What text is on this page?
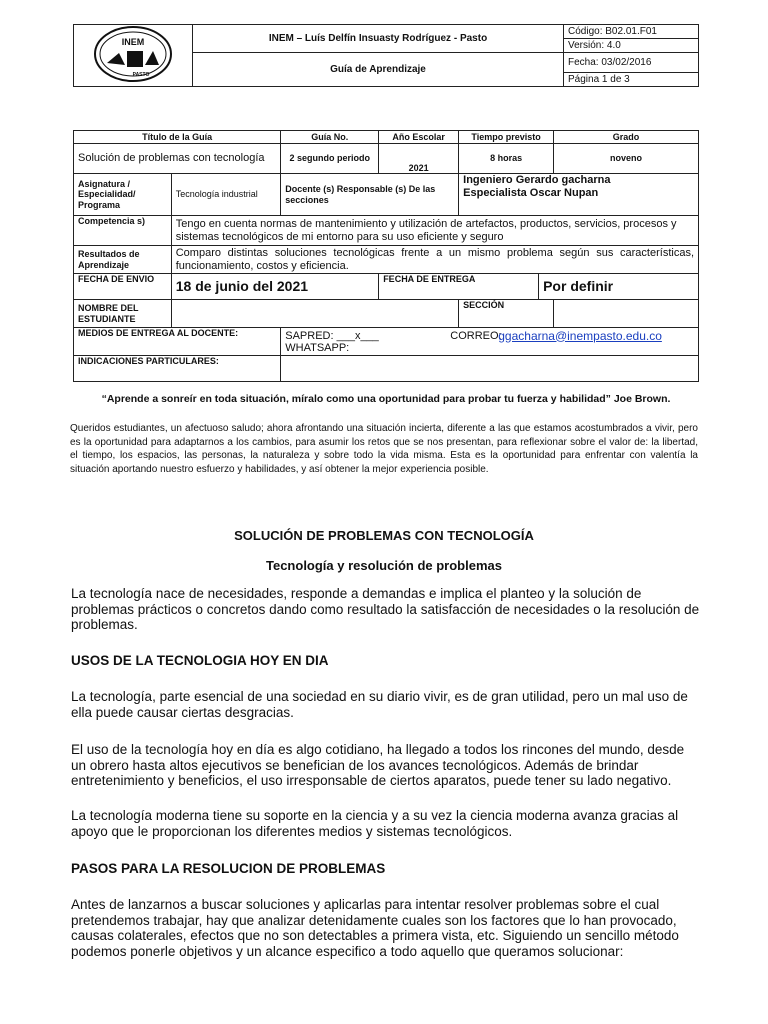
INEM
PASTO	INEM – Luís Delfín Insuasty Rodríguez - Pasto	Código: B02.01.F01
		Versión: 4.0
	Guía de Aprendizaje	Fecha: 03/02/2016
		Página 1 de 3
Título de la Guía		Guía No.	Año Escolar	Tiempo previsto		Grado
Solución de problemas con tecnología		2 segundo periodo	2021	8 horas		noveno
Asignatura / Especialidad/ Programa	Tecnología industrial	Docente (s) Responsable (s) De las secciones		Ingeniero Gerardo gacharna
Especialista Oscar Nupan		

Competencia s)	Tengo en cuenta normas de mantenimiento y utilización de artefactos, productos, servicios, procesos y sistemas tecnológicos de mi entorno para su uso eficiente y seguro					
Resultados de Aprendizaje	Comparo distintas soluciones tecnológicas frente a un mismo problema según sus características, funcionamiento, costos y eficiencia.					
FECHA DE ENVIO	18 de junio del 2021		FECHA DE ENTREGA		Por definir	
NOMBRE DEL ESTUDIANTE				SECCIÓN		
MEDIOS DE ENTREGA AL DOCENTE:		SAPRED: ___x___ CORREO:
ggacharna@inempasto.edu.co
WHATSAPP:				

INDICACIONES PARTICULARES:						
“Aprende a sonreír en toda situación, míralo como una oportunidad para probar tu fuerza y habilidad” Joe Brown.
Queridos estudiantes, un afectuoso saludo; ahora afrontando una situación incierta, diferente a las que estamos acostumbrados a vivir, pero es la oportunidad para adaptarnos a los cambios, para asumir los retos que se nos presentan, para reflexionar sobre el valor de: la libertad, el tiempo, los espacios, las personas, la naturaleza y sobre todo la vida misma. Esta es la oportunidad para enfrentar con valentía la situación aportando nuestro esfuerzo y habilidades, y así obtener la mejor experiencia posible.
SOLUCIÓN DE PROBLEMAS CON TECNOLOGÍA
Tecnología y resolución de problemas
La tecnología nace de necesidades, responde a demandas e implica el planteo y la solución de problemas prácticos o concretos dando como resultado la satisfacción de necesidades o la resolución de problemas.
USOS DE LA TECNOLOGIA HOY EN DIA
La tecnología, parte esencial de una sociedad en su diario vivir, es de gran utilidad, pero un mal uso de ella puede causar ciertas desgracias.
El uso de la tecnología hoy en día es algo cotidiano, ha llegado a todos los rincones del mundo, desde un obrero hasta altos ejecutivos se benefician de los avances tecnológicos. Además de brindar entretenimiento y beneficios, el uso irresponsable de ciertos aparatos, puede tener su lado negativo.
La tecnología moderna tiene su soporte en la ciencia y a su vez la ciencia moderna avanza gracias al apoyo que le proporcionan los diferentes medios y sistemas tecnológicos.
PASOS PARA LA RESOLUCION DE PROBLEMAS
Antes de lanzarnos a buscar soluciones y aplicarlas para intentar resolver problemas sobre el cual pretendemos trabajar, hay que analizar detenidamente cuales son los factores que lo han provocado, causas colaterales, efectos que no son detectables a primera vista, etc. Siguiendo un sencillo método podemos ponerle objetivos y un alcance especifico a todo aquello que queramos solucionar:
